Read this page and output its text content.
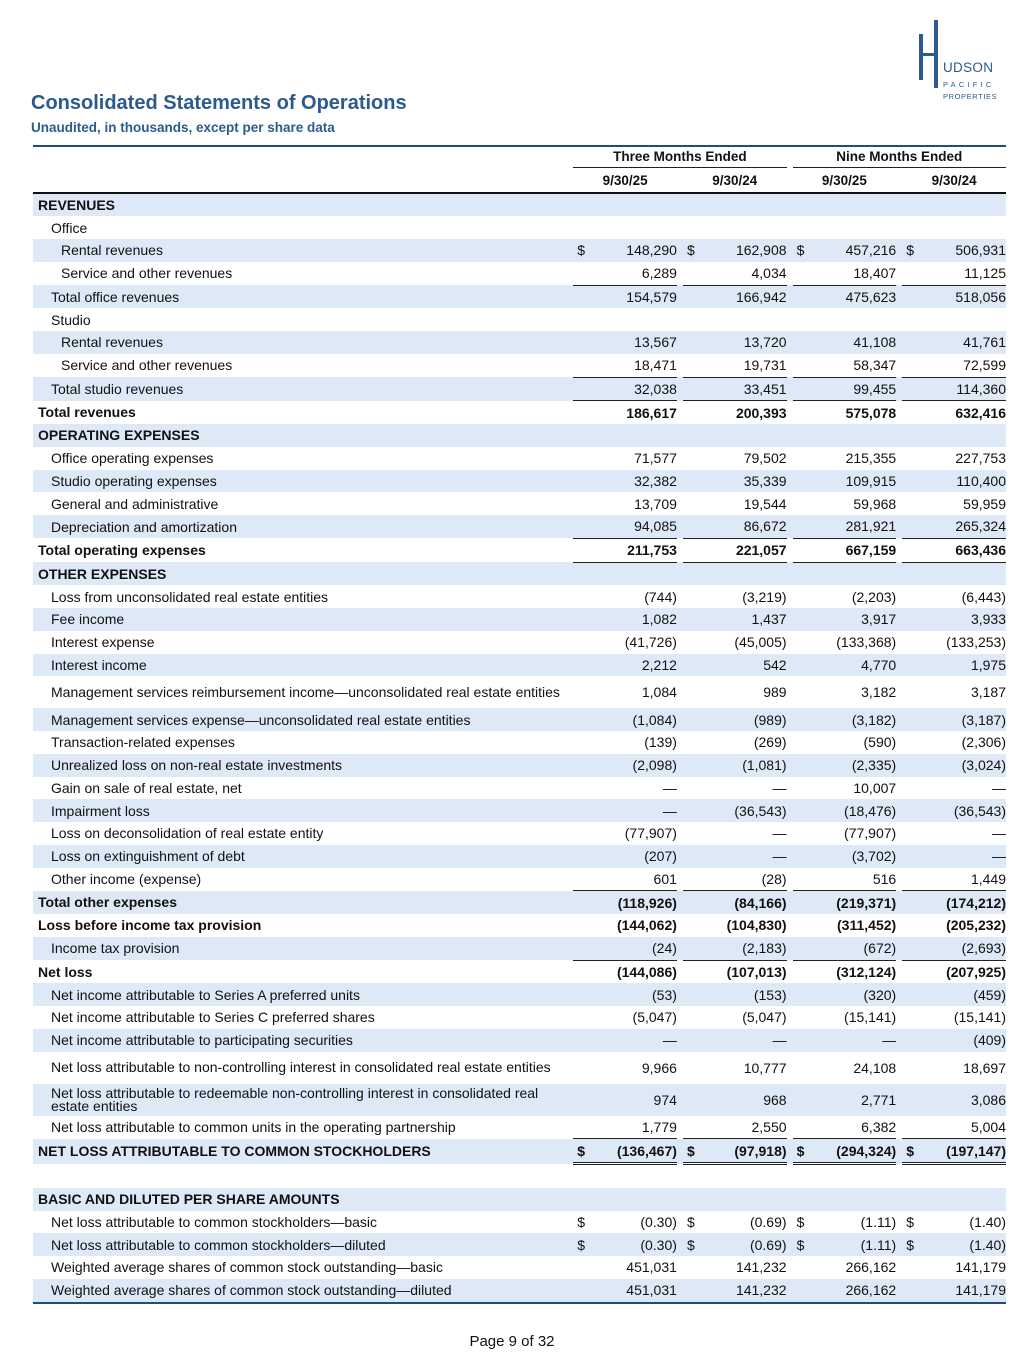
UDSON
PACIFIC
PROPERTIES
Consolidated Statements of Operations
Unaudited, in thousands, except per share data

	Three Months Ended						Nine Months Ended				

	9/30/25			9/30/24			9/30/25			9/30/24	
REVENUES											
Office											
Rental revenues	$	148,290		$	162,908		$	457,216		$	506,931
Service and other revenues		6,289			4,034			18,407			11,125
Total office revenues		154,579			166,942			475,623			518,056
Studio											
Rental revenues		13,567			13,720			41,108			41,761
Service and other revenues		18,471			19,731			58,347			72,599
Total studio revenues		32,038			33,451			99,455			114,360
Total revenues		186,617			200,393			575,078			632,416
OPERATING EXPENSES											
Office operating expenses		71,577			79,502			215,355			227,753
Studio operating expenses		32,382			35,339			109,915			110,400
General and administrative		13,709			19,544			59,968			59,959
Depreciation and amortization		94,085			86,672			281,921			265,324
Total operating expenses		211,753			221,057			667,159			663,436
OTHER EXPENSES											
Loss from unconsolidated real estate entities		(744)			(3,219)			(2,203)			(6,443)
Fee income		1,082			1,437			3,917			3,933
Interest expense		(41,726)			(45,005)			(133,368)			(133,253)
Interest income		2,212			542			4,770			1,975
Management services reimbursement income—unconsolidated real estate entities		1,084			989			3,182			3,187
Management services expense—unconsolidated real estate entities		(1,084)			(989)			(3,182)			(3,187)
Transaction-related expenses		(139)			(269)			(590)			(2,306)
Unrealized loss on non-real estate investments		(2,098)			(1,081)			(2,335)			(3,024)
Gain on sale of real estate, net		—			—			10,007			—
Impairment loss		—			(36,543)			(18,476)			(36,543)
Loss on deconsolidation of real estate entity		(77,907)			—			(77,907)			—
Loss on extinguishment of debt		(207)			—			(3,702)			—
Other income (expense)		601			(28)			516			1,449
Total other expenses		(118,926)			(84,166)			(219,371)			(174,212)
Loss before income tax provision		(144,062)			(104,830)			(311,452)			(205,232)
Income tax provision		(24)			(2,183)			(672)			(2,693)
Net loss		(144,086)			(107,013)			(312,124)			(207,925)
Net income attributable to Series A preferred units		(53)			(153)			(320)			(459)
Net income attributable to Series C preferred shares		(5,047)			(5,047)			(15,141)			(15,141)
Net income attributable to participating securities		—			—			—			(409)
Net loss attributable to non-controlling interest in consolidated real estate entities		9,966			10,777			24,108			18,697
Net loss attributable to redeemable non-controlling interest in consolidated real estate entities		974			968			2,771			3,086
Net loss attributable to common units in the operating partnership		1,779			2,550			6,382			5,004
NET LOSS ATTRIBUTABLE TO COMMON STOCKHOLDERS	$	(136,467)		$	(97,918)		$	(294,324)		$	(197,147)

BASIC AND DILUTED PER SHARE AMOUNTS											
Net loss attributable to common stockholders—basic	$	(0.30)		$	(0.69)		$	(1.11)		$	(1.40)
Net loss attributable to common stockholders—diluted	$	(0.30)		$	(0.69)		$	(1.11)		$	(1.40)
Weighted average shares of common stock outstanding—basic		451,031			141,232			266,162			141,179
Weighted average shares of common stock outstanding—diluted		451,031			141,232			266,162			141,179
Page 9 of 32
